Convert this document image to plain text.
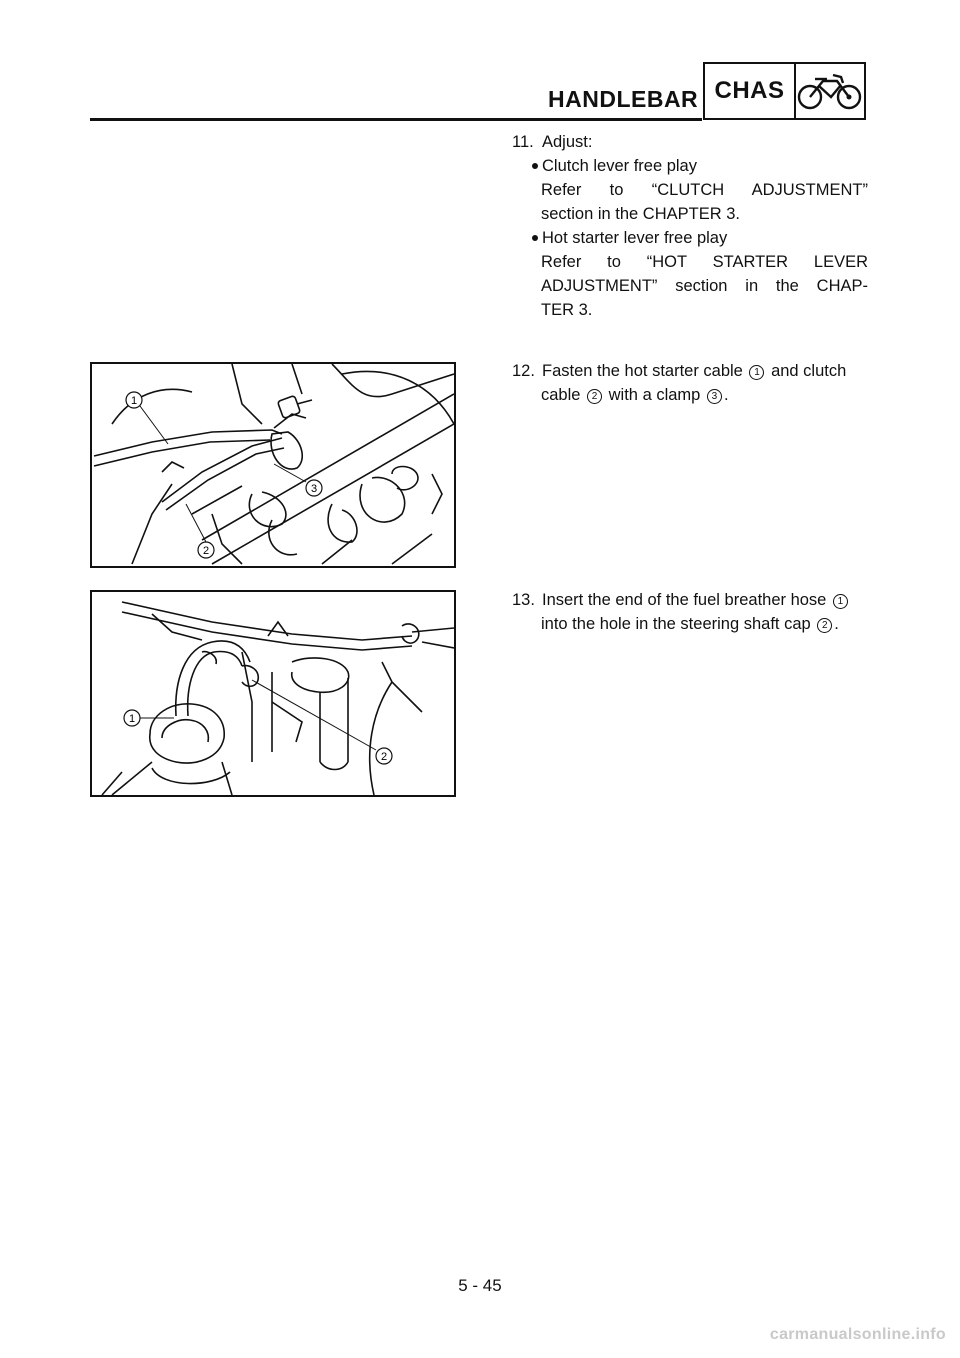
HANDLEBAR CHAS
11. Adjust:
Clutch lever free play
Refer to “CLUTCH ADJUSTMENT”
section in the CHAPTER 3.
Hot starter lever free play
Refer to “HOT STARTER LEVER
ADJUSTMENT” section in the CHAP-
TER 3.
12. Fasten the hot starter cable 1 and clutch
cable 2 with a clamp 3 .
13. Insert the end of the fuel breather hose 1
into the hole in the steering shaft cap 2 .
1
2
3
1
2
5 - 45
carmanualsonline.info
